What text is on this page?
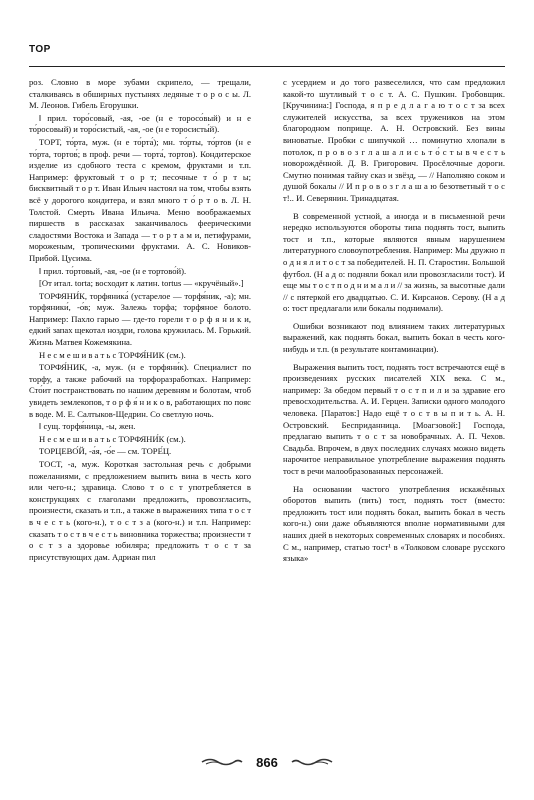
ТОР

роз. Словно в море зубами скрипело, — трещали, сталкиваясь в обширных пустынях ледяные т о р о с ы. Л. М. Леонов. Гибель Егорушки.

‖ прил. торо́совый, -ая, -ое (н е торосо́вый) и н е то́росовый) и торо́систый, -ая, -ое (н е торосисты́й).

ТОРТ, то́рта, муж. (н е то́рта́); мн. то́рты, то́ртов (н е то́рта, тортов́; в проф. речи — торта́, тортов). Кондитерское изделие из сдобного теста с кремом, фруктами и т.п. Например: фруктовый т о р т; песочные т о́ р т ы; бисквитный т о р т. Иван Ильич настоял на том, чтобы взять всё у дорогого кондитера, и взял много т о́ р т о в. Л. Н. Толстой. Смерть Ивана Ильича. Меню воображаемых пиршеств в рассказах заканчивалось феерическими сладостями Востока и Запада — т о р т а м и, петифурами, мороженым, тропическими фруктами. А. С. Новиков-Прибой. Цусима.

‖ прил. то́ртовый, -ая, -ое (н е тортово́й).

[От итал. torta; восходит к латин. tortus — «кручёный».]

ТОРФЯНИ́К, торфяника́ (устарелое — торфя́ник, -а); мн. торфяники́, -о́в; муж. Залежь торфа; торфяное болото. Например: Пахло гарью — где-то горели т о р ф я н и к и, едкий запах щекотал ноздри, голова кружилась. М. Горький. Жизнь Матвея Кожемякина.

Н е с м е ш и в а т ь с ТОРФЯ́НИК (см.).

ТОРФЯ́НИК, -а, муж. (н е торфяни́к). Специалист по торфу, а также рабочий на торфоразработках. Например: Сто́ит постранствовать по нашим деревням и болотам, чтоб увидеть землекопов, т о р ф я́ н и к о в, работающих по пояс в воде. М. Е. Салтыков-Щедрин. Со светлую ночь.

‖ сущ. торфя́ница, -ы, жен.

Н е с м е ш и в а т ь с ТОРФЯНИ́К (см.).

ТОРЦЕВО́Й, -а́я, -о́е — см. ТОРЕ́Ц.

ТОСТ, -а, муж. Короткая застольная речь с добрыми пожеланиями, с предложением выпить вина в честь кого или чего-н.; здравица. Слово т о с т употребляется в конструкциях с глаголами предложить, провозгласить, произнести, сказать и т.п., а также в выражениях типа т о с т в ч е с т ь (кого-н.), т о с т з а (кого-н.) и т.п. Например: сказать т о с т в ч е с т ь виновника торжества; произнести т о с т з а здоровье юбиляра; предложить т о с т за присутствующих дам. Адриан пил

с усердием и до того развеселился, что сам предложил какой-то шутливый т о с т. А. С. Пушкин. Гробовщик. [Кручинина:] Господа, я п р е д л а г а ю т о с т за всех служителей искусства, за всех тружеников на этом благородном поприще. А. Н. Островский. Без вины виноватые. Пробки с шипучкой … поминутно хлопали в потолок, п р о в о з г л а ш а л и с ь т о́ с т ы в ч е с т ь новорождённой. Д. В. Григорович. Просёлочные дороги. Смутно понимая тайну сказ и звёзд, — // Наполняю соком и душой бокалы // И п р о в о з г л а ш а ю безответный т о с т!.. И. Северянин. Тринадцатая.

В современной устной, а иногда и в письменной речи нередко используются обороты типа поднять тост, выпить тост и т.п., которые являются явным нарушением литературного словоупотребления. Например: Мы дружно п о д н я л и т о с т за победителей. Н. П. Старостин. Большой футбол. (Н а д о: подняли бокал или провозгласили тост). И еще мы т о с т п о д н и м а л и // за жизнь, за высотные дали // с пятеркой его двадцатью. С. И. Кирсанов. Серову. (Н а д о: тост предлагали или бокалы поднимали).

Ошибки возникают под влиянием таких литературных выражений, как поднять бокал, выпить бокал в честь кого-нибудь и т.п. (в результате контаминации).

Выражения выпить тост, поднять тост встречаются ещё в произведениях русских писателей XIX века. С м., например: За обедом первый т о с т п и л и за здравие его превосходительства. А. И. Герцен. Записки одного молодого человека. [Паратов:] Надо ещё т о с т в ы п и т ь. А. Н. Островский. Бесприданница. [Моагзовой:] Господа, предлагаю выпить т о с т за новобрачных. А. П. Чехов. Свадьба. Впрочем, в двух последних случаях можно видеть нарочитое неправильное употребление выражения поднять тост в речи малообразованных персонажей.

На основании частого употребления искажённых оборотов выпить (пить) тост, поднять тост (вместо: предложить тост или поднять бокал, выпить бокал в честь кого-н.) они даже объявляются вполне нормативными для наших дней в некоторых современных словарях и пособиях. С м., например, статью тост¹ в «Толковом словаре русского языка»

866
